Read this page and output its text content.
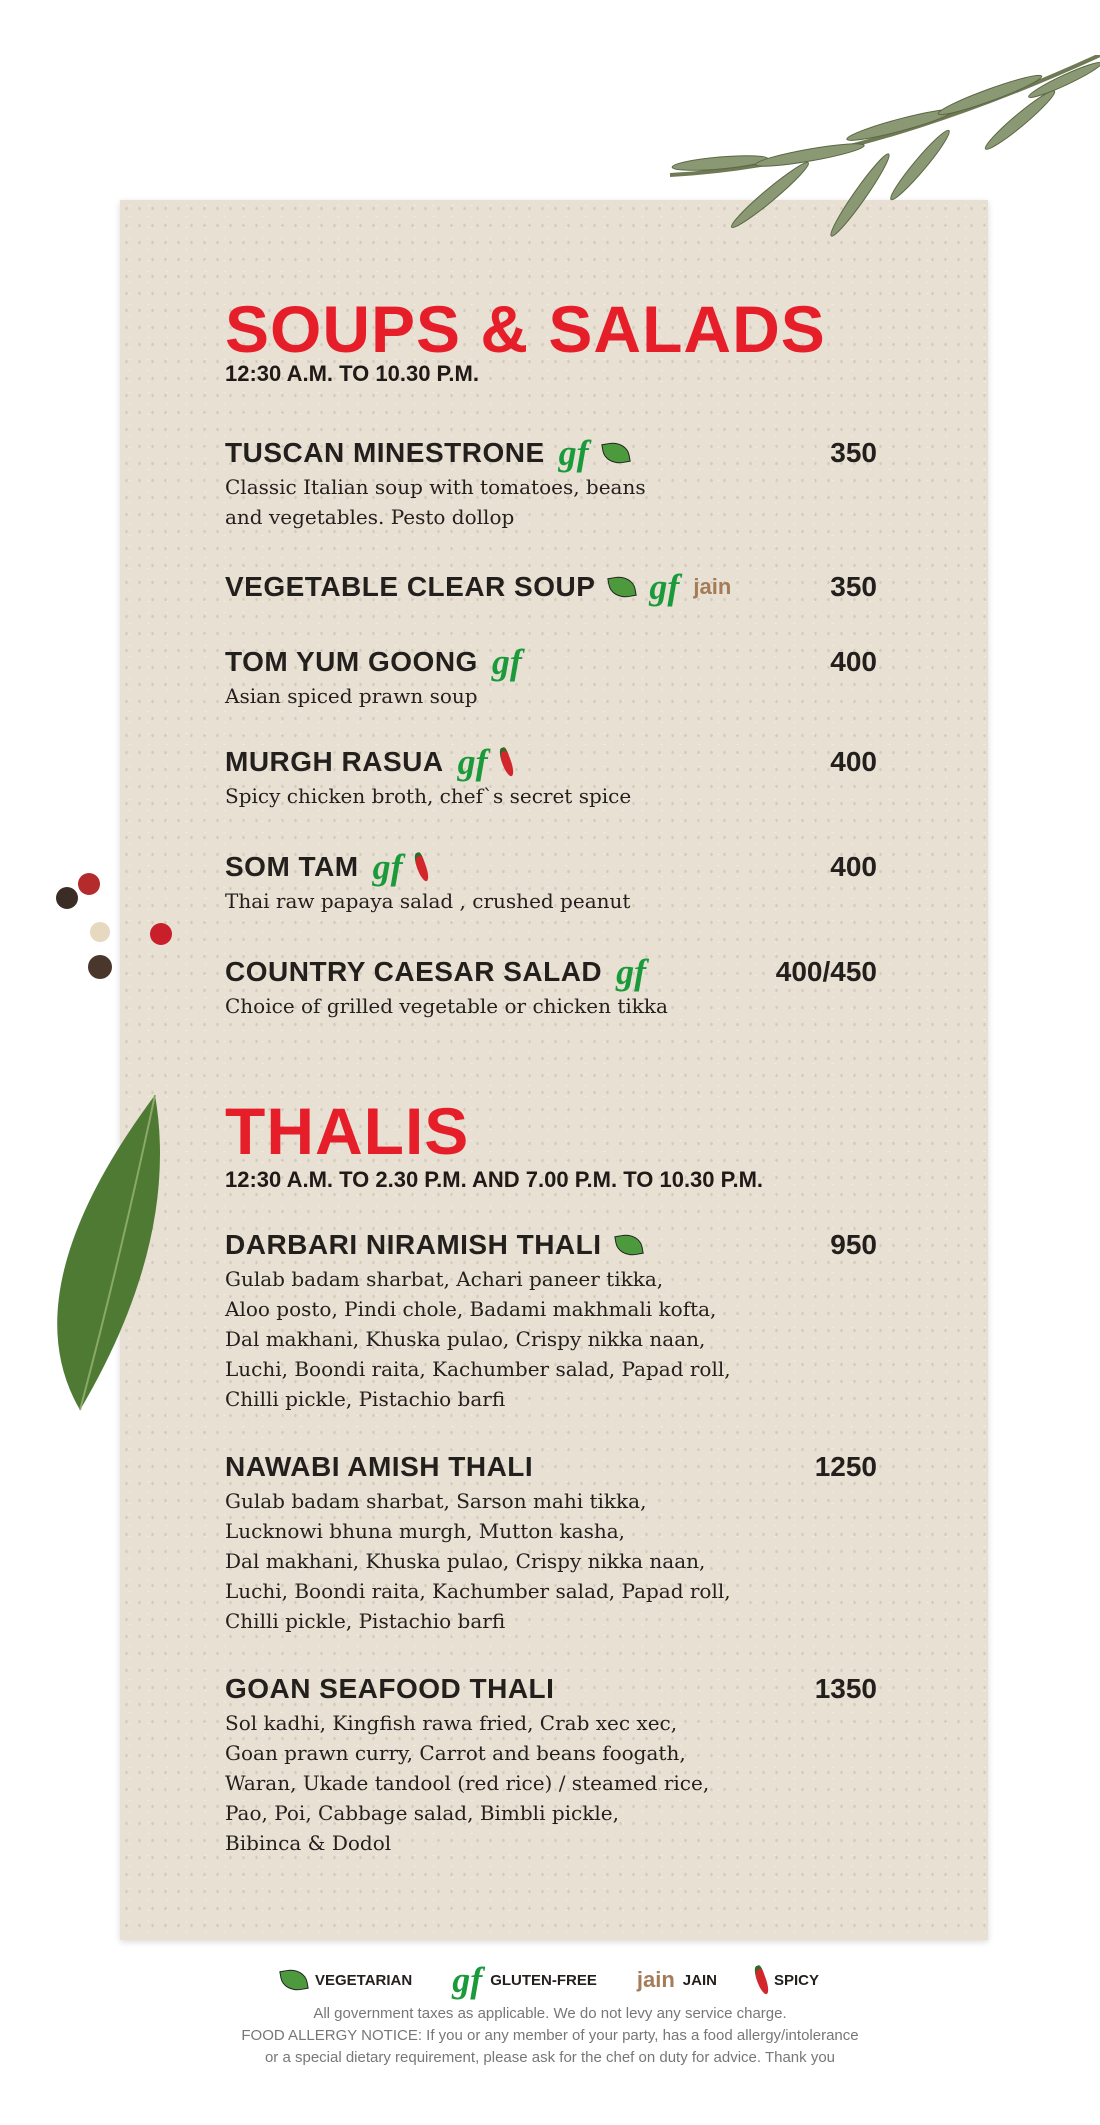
SOUPS & SALADS
12:30 A.M. TO 10.30 P.M.
TUSCAN MINESTRONE gf	350
Classic Italian soup with tomatoes, beans
and vegetables. Pesto dollop
VEGETABLE CLEAR SOUP gf jain	350
TOM YUM GOONG gf	400
Asian spiced prawn soup
MURGH RASUA gf	400
Spicy chicken broth, chef`s secret spice
SOM TAM gf	400
Thai raw papaya salad , crushed peanut
COUNTRY CAESAR SALAD gf	400/450
Choice of grilled vegetable or chicken tikka
THALIS
12:30 A.M. TO 2.30 P.M. AND 7.00 P.M. TO 10.30 P.M.
DARBARI NIRAMISH THALI	950
Gulab badam sharbat, Achari paneer tikka,
Aloo posto, Pindi chole, Badami makhmali kofta,
Dal makhani, Khuska pulao, Crispy nikka naan,
Luchi, Boondi raita, Kachumber salad, Papad roll,
Chilli pickle, Pistachio barfi
NAWABI AMISH THALI	1250
Gulab badam sharbat, Sarson mahi tikka,
Lucknowi bhuna murgh, Mutton kasha,
Dal makhani, Khuska pulao, Crispy nikka naan,
Luchi, Boondi raita, Kachumber salad, Papad roll,
Chilli pickle, Pistachio barfi
GOAN SEAFOOD THALI	1350
Sol kadhi, Kingfish rawa fried, Crab xec xec,
Goan prawn curry, Carrot and beans foogath,
Waran, Ukade tandool (red rice) / steamed rice,
Pao, Poi, Cabbage salad, Bimbli pickle,
Bibinca & Dodol
VEGETARIAN gf GLUTEN-FREE jain JAIN	SPICY
All government taxes as applicable. We do not levy any service charge.
FOOD ALLERGY NOTICE: If you or any member of your party, has a food allergy/intolerance
or a special dietary requirement, please ask for the chef on duty for advice. Thank you
